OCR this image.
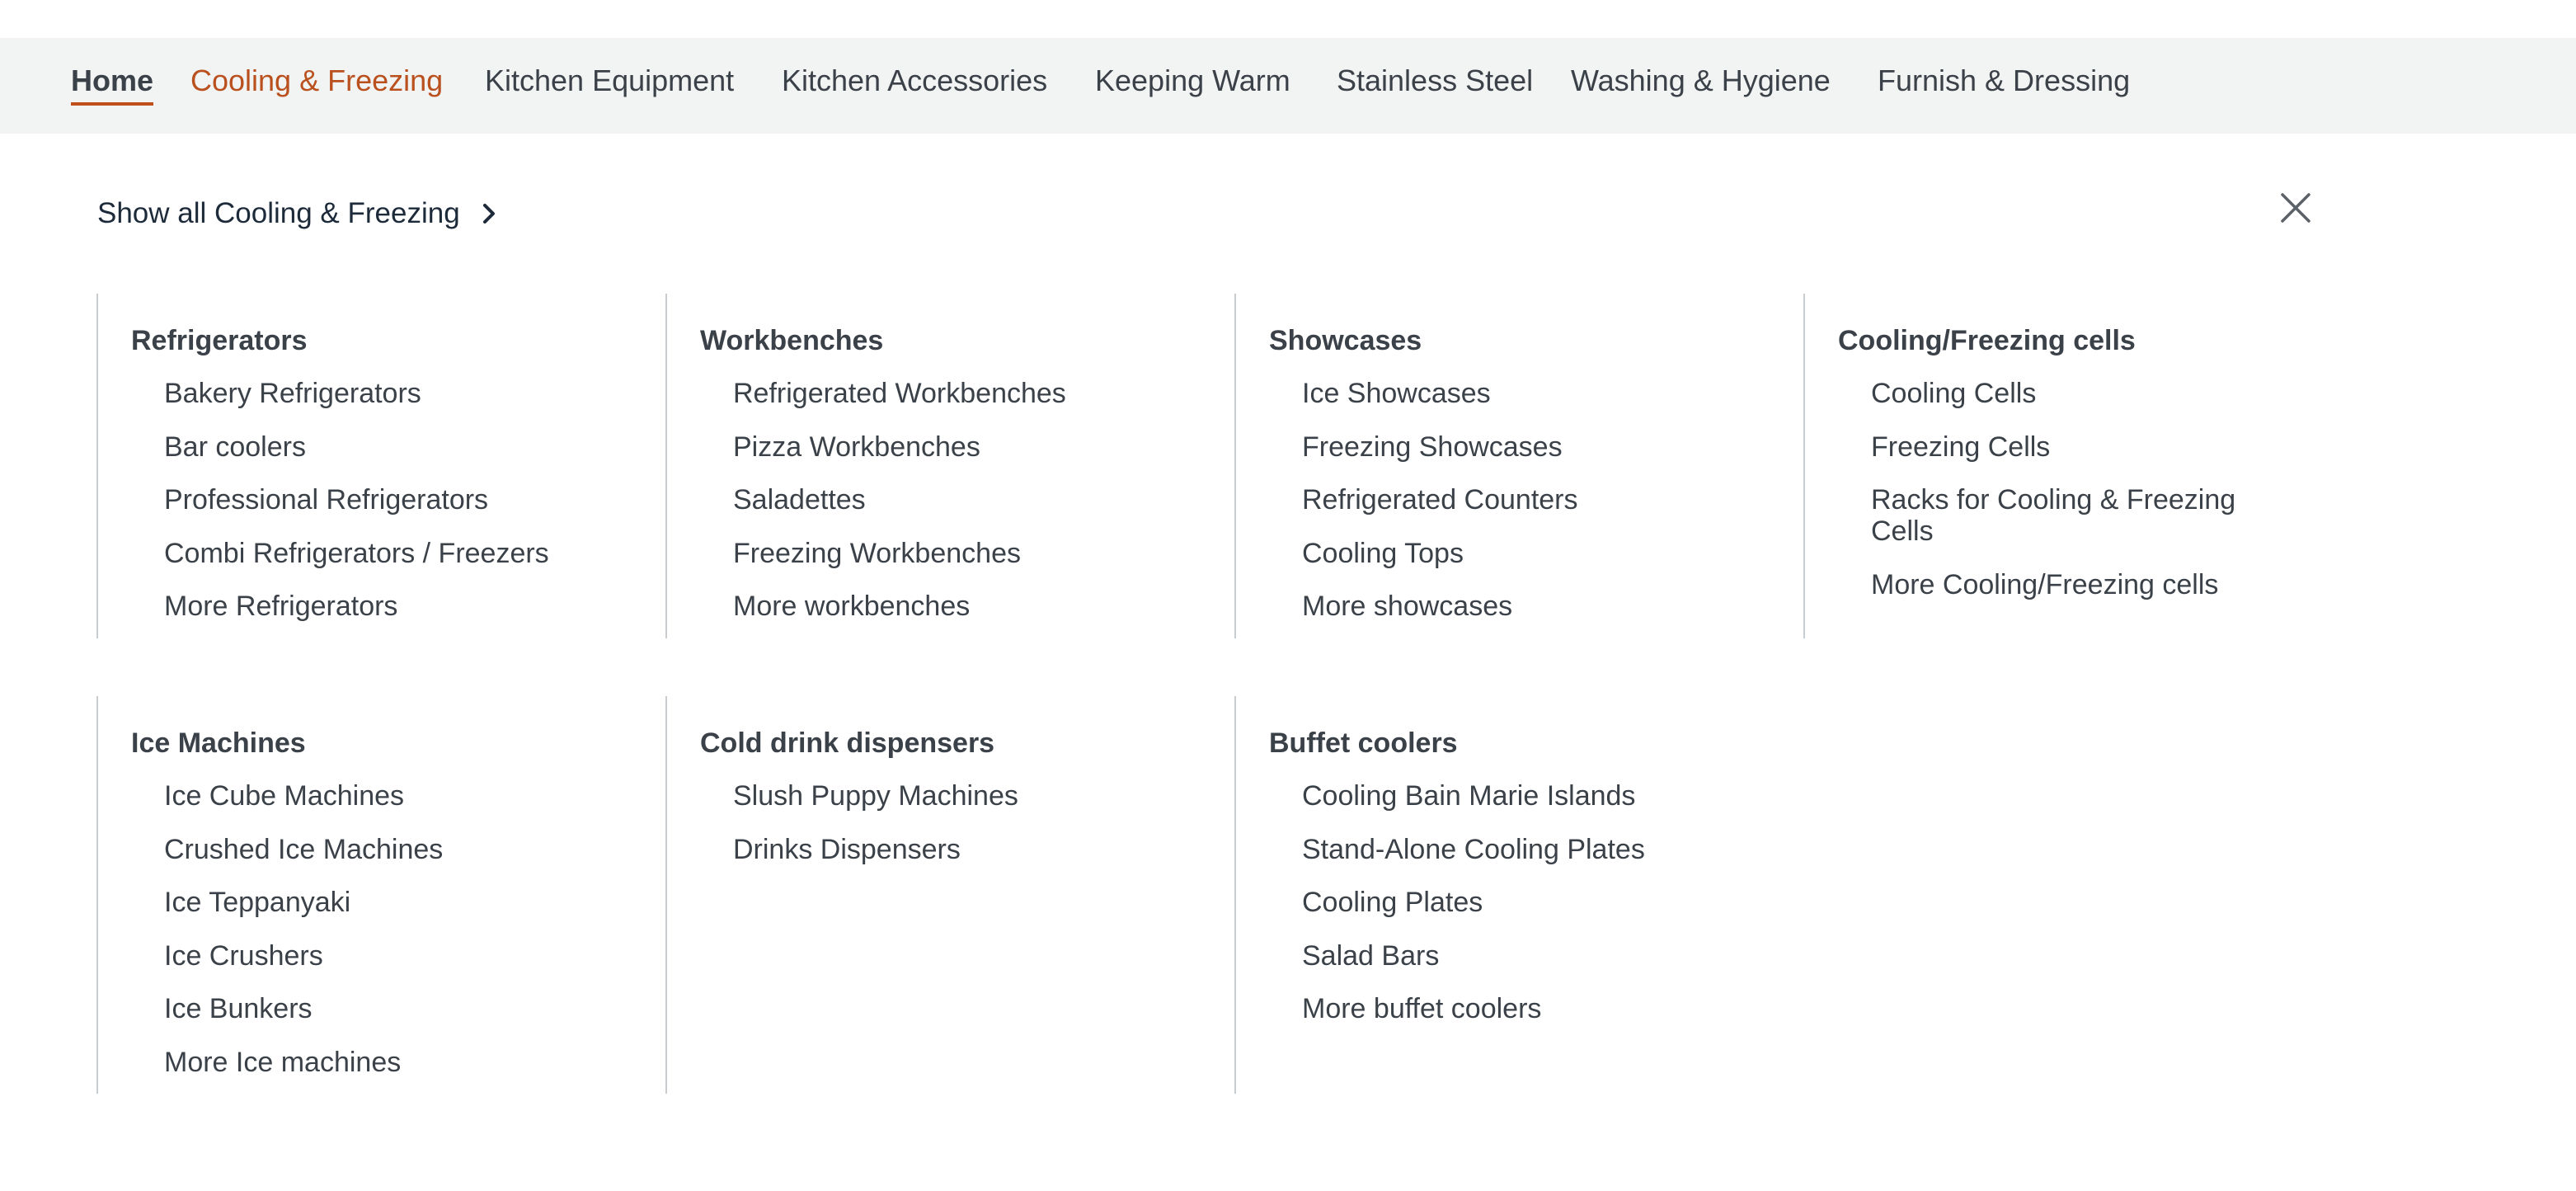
Home Cooling & Freezing Kitchen Equipment Kitchen Accessories Keeping Warm Stainless Steel Washing & Hygiene Furnish & Dressing
Show all Cooling & Freezing
Refrigerators
Bakery Refrigerators
Bar coolers
Professional Refrigerators
Combi Refrigerators / Freezers
More Refrigerators
Workbenches
Refrigerated Workbenches
Pizza Workbenches
Saladettes
Freezing Workbenches
More workbenches
Showcases
Ice Showcases
Freezing Showcases
Refrigerated Counters
Cooling Tops
More showcases
Cooling/Freezing cells
Cooling Cells
Freezing Cells
Racks for Cooling & Freezing Cells
More Cooling/Freezing cells
Ice Machines
Ice Cube Machines
Crushed Ice Machines
Ice Teppanyaki
Ice Crushers
Ice Bunkers
More Ice machines
Cold drink dispensers
Slush Puppy Machines
Drinks Dispensers
Buffet coolers
Cooling Bain Marie Islands
Stand-Alone Cooling Plates
Cooling Plates
Salad Bars
More buffet coolers
